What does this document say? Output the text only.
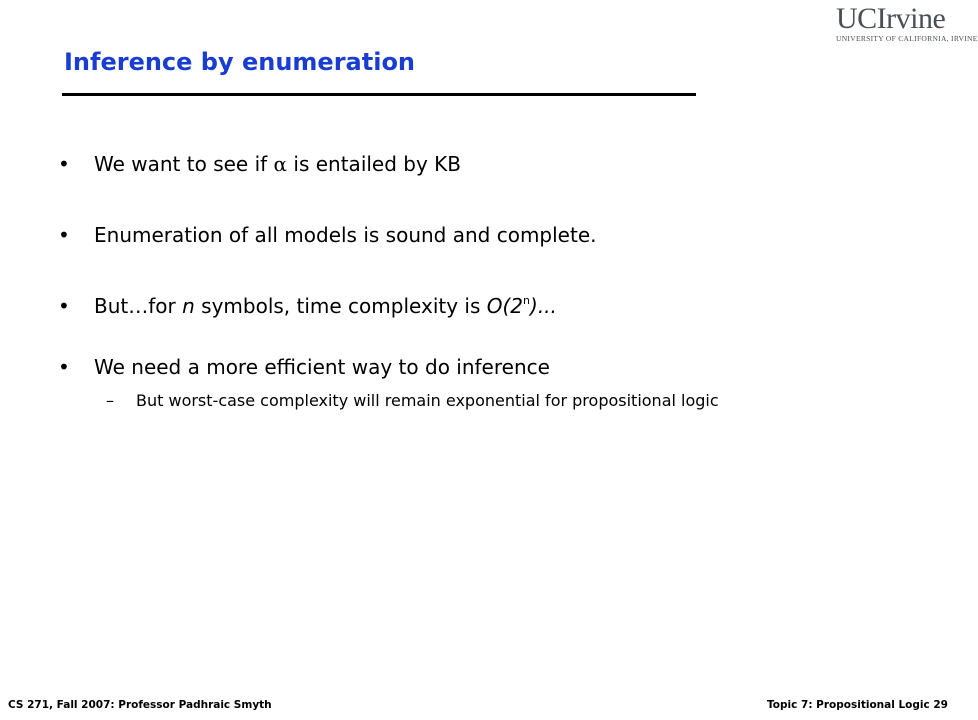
UCIrvine
UNIVERSITY OF CALIFORNIA, IRVINE
Inference by enumeration
• We want to see if α is entailed by KB
• Enumeration of all models is sound and complete.
• But…for n symbols, time complexity is O(2$^n$)...
• We need a more efficient way to do inference
– But worst-case complexity will remain exponential for propositional logic
CS 271, Fall 2007: Professor Padhraic Smyth	Topic 7: Propositional Logic 29
